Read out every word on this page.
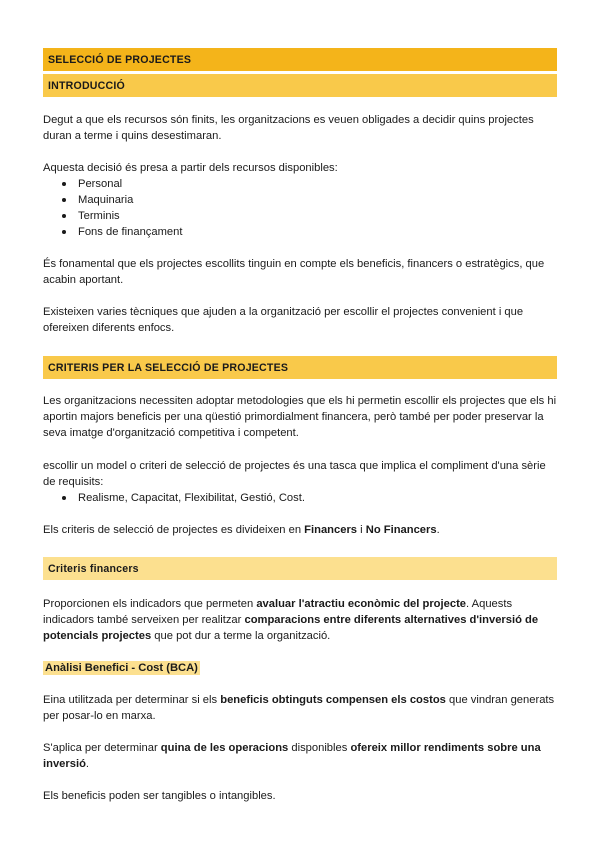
SELECCIÓ DE PROJECTES
INTRODUCCIÓ

Degut a que els recursos són finits, les organitzacions es veuen obligades a decidir quins projectes duran a terme i quins desestimaran.

Aquesta decisió és presa a partir dels recursos disponibles:

Personal
Maquinaria
Terminis
Fons de finançament

És fonamental que els projectes escollits tinguin en compte els beneficis, financers o estratègics, que acabin aportant.

Existeixen varies tècniques que ajuden a la organització per escollir el projectes convenient i que ofereixen diferents enfocs.

CRITERIS PER LA SELECCIÓ DE PROJECTES

Les organitzacions necessiten adoptar metodologies que els hi permetin escollir els projectes que els hi aportin majors beneficis per una qüestió primordialment financera, però també per poder preservar la seva imatge d'organització competitiva i competent.

escollir un model o criteri de selecció de projectes és una tasca que implica el compliment d'una sèrie de requisits:

Realisme, Capacitat, Flexibilitat, Gestió, Cost.

Els criteris de selecció de projectes es divideixen en Financers i No Financers.

Criteris financers

Proporcionen els indicadors que permeten avaluar l'atractiu econòmic del projecte. Aquests indicadors també serveixen per realitzar comparacions entre diferents alternatives d'inversió de potencials projectes que pot dur a terme la organització.

Anàlisi Benefici - Cost (BCA)

Eina utilitzada per determinar si els beneficis obtinguts compensen els costos que vindran generats per posar-lo en marxa.

S'aplica per determinar quina de les operacions disponibles ofereix millor rendiments sobre una inversió.

Els beneficis poden ser tangibles o intangibles.
